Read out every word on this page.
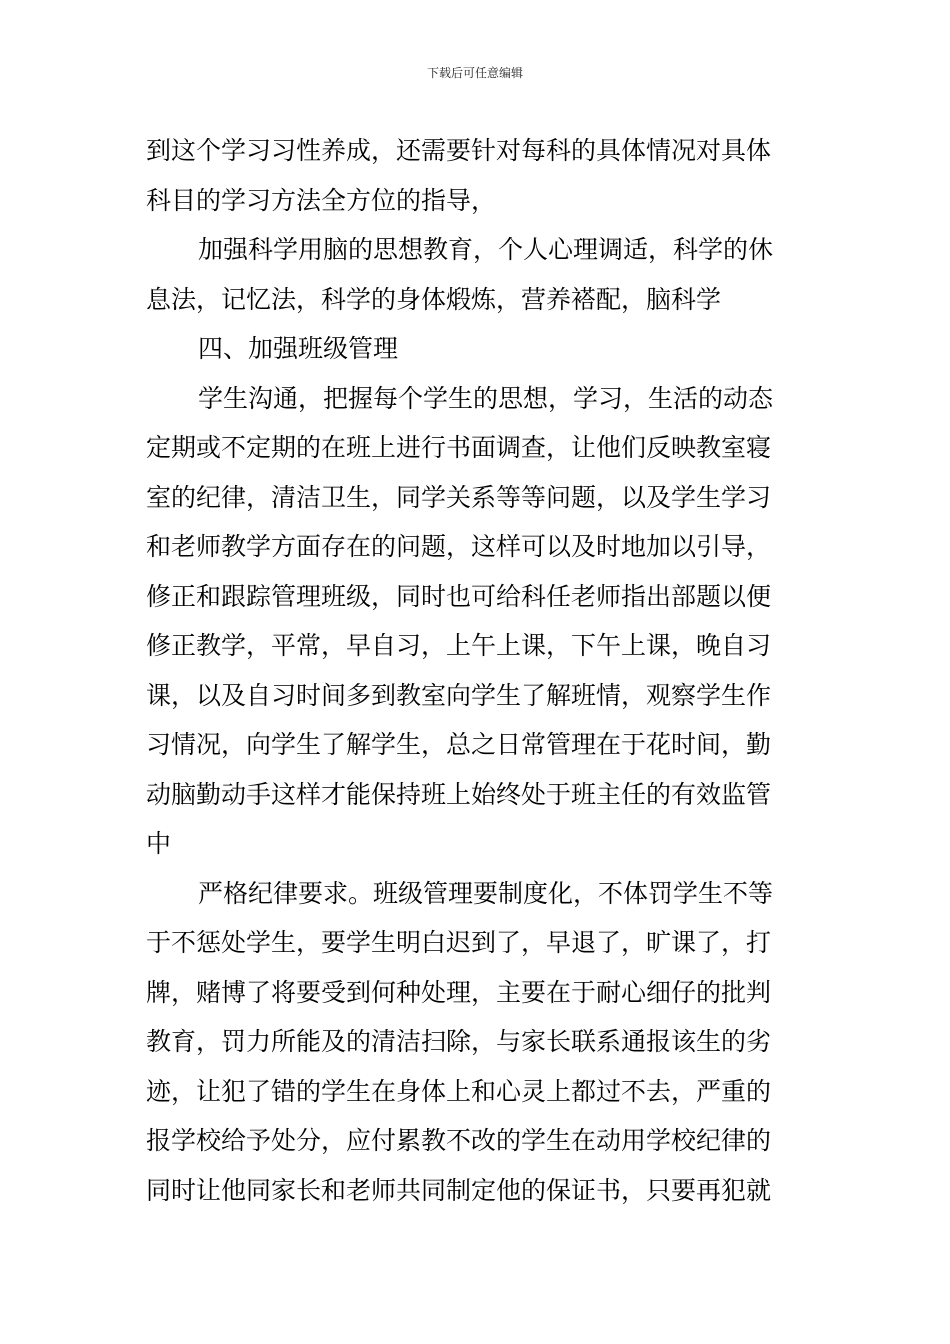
下载后可任意编辑
到这个学习习性养成，还需要针对每科的具体情况对具体
科目的学习方法全方位的指导，
加强科学用脑的思想教育，个人心理调适，科学的休
息法，记忆法，科学的身体煅炼，营养褡配，脑科学
四、加强班级管理
学生沟通，把握每个学生的思想，学习，生活的动态
定期或不定期的在班上进行书面调查，让他们反映教室寝
室的纪律，清洁卫生，同学关系等等问题，以及学生学习
和老师教学方面存在的问题，这样可以及时地加以引导，
修正和跟踪管理班级，同时也可给科任老师指出部题以便
修正教学，平常，早自习，上午上课，下午上课，晚自习
课，以及自习时间多到教室向学生了解班情，观察学生作
习情况，向学生了解学生，总之日常管理在于花时间，勤
动脑勤动手这样才能保持班上始终处于班主任的有效监管
中
严格纪律要求。班级管理要制度化，不体罚学生不等
于不惩处学生，要学生明白迟到了，早退了，旷课了，打
牌，赌博了将要受到何种处理，主要在于耐心细仔的批判
教育，罚力所能及的清洁扫除，与家长联系通报该生的劣
迹，让犯了错的学生在身体上和心灵上都过不去，严重的
报学校给予处分，应付累教不改的学生在动用学校纪律的
同时让他同家长和老师共同制定他的保证书，只要再犯就
